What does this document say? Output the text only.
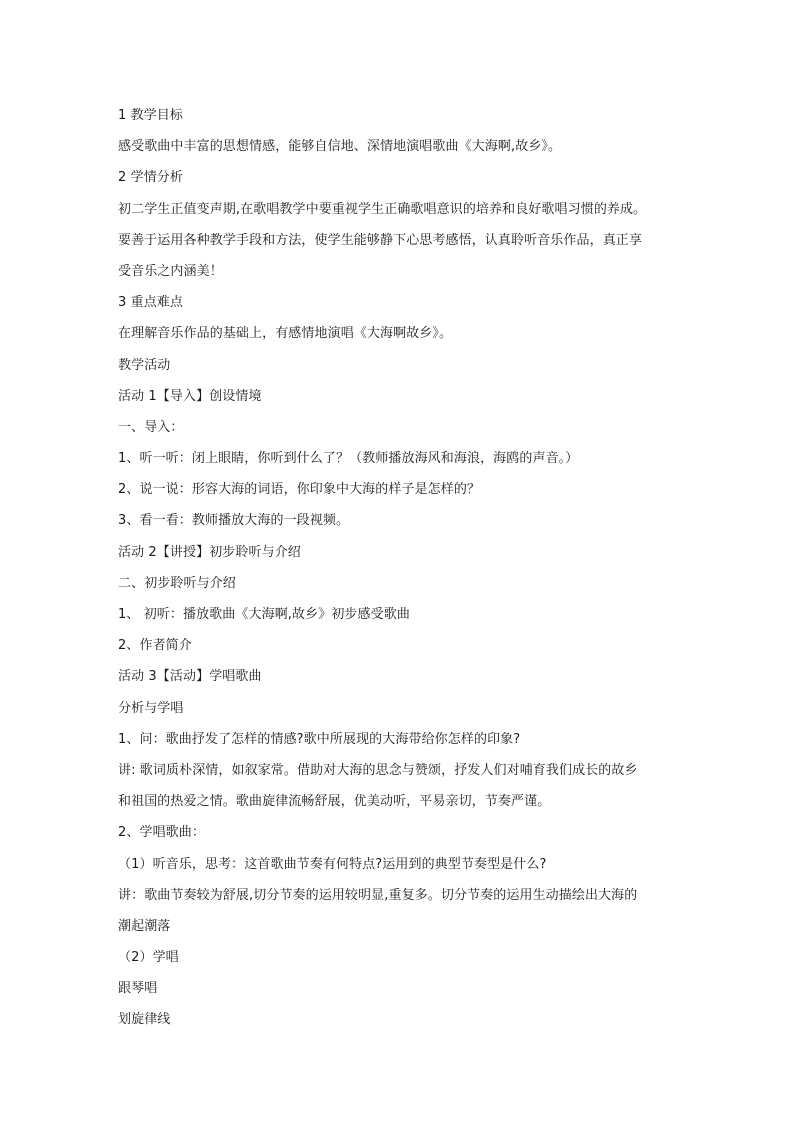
1 教学目标
感受歌曲中丰富的思想情感，能够自信地、深情地演唱歌曲《大海啊,故乡》。
2 学情分析
初二学生正值变声期,在歌唱教学中要重视学生正确歌唱意识的培养和良好歌唱习惯的养成。
要善于运用各种教学手段和方法，使学生能够静下心思考感悟，认真聆听音乐作品，真正享
受音乐之内涵美！
3 重点难点
在理解音乐作品的基础上，有感情地演唱《大海啊故乡》。
教学活动
活动 1【导入】创设情境
一、导入：
1、听一听：闭上眼睛，你听到什么了？（教师播放海风和海浪，海鸥的声音。）
2、说一说：形容大海的词语，你印象中大海的样子是怎样的？
3、看一看：教师播放大海的一段视频。
活动 2【讲授】初步聆听与介绍
二、初步聆听与介绍
1、 初听：播放歌曲《大海啊,故乡》初步感受歌曲
2、作者简介
活动 3【活动】学唱歌曲
分析与学唱
1、问：歌曲抒发了怎样的情感?歌中所展现的大海带给你怎样的印象?
讲: 歌词质朴深情，如叙家常。借助对大海的思念与赞颂，抒发人们对哺育我们成长的故乡
和祖国的热爱之情。歌曲旋律流畅舒展，优美动听，平易亲切，节奏严谨。
2、学唱歌曲：
（1）听音乐，思考：这首歌曲节奏有何特点?运用到的典型节奏型是什么?
讲：歌曲节奏较为舒展,切分节奏的运用较明显,重复多。切分节奏的运用生动描绘出大海的
潮起潮落
（2）学唱
跟琴唱
划旋律线
